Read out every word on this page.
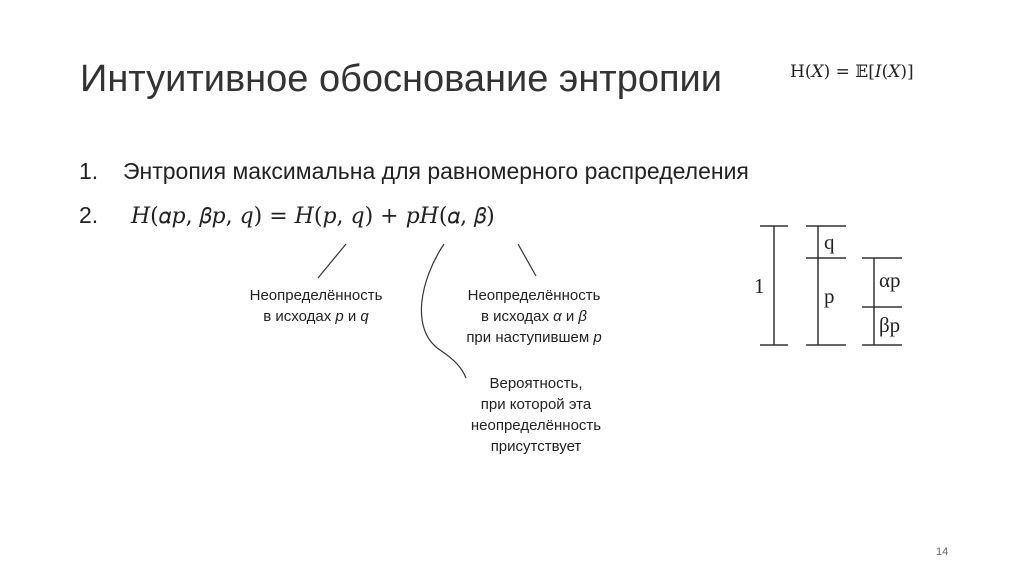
Интуитивное обоснование энтропии	H(X) = 𝔼[I(X)]
1. Энтропия максимальна для равномерного распределения
2. 𝐻(𝛼𝑝, 𝛽𝑝, 𝑞) = 𝐻(𝑝, 𝑞) + 𝑝𝐻(𝛼, 𝛽)
Неопределённость
в исходах p и q
Неопределённость
в исходах α и β
при наступившем p
Вероятность,
при которой эта
неопределённость
присутствует
1
q
p
αp
βp
14
